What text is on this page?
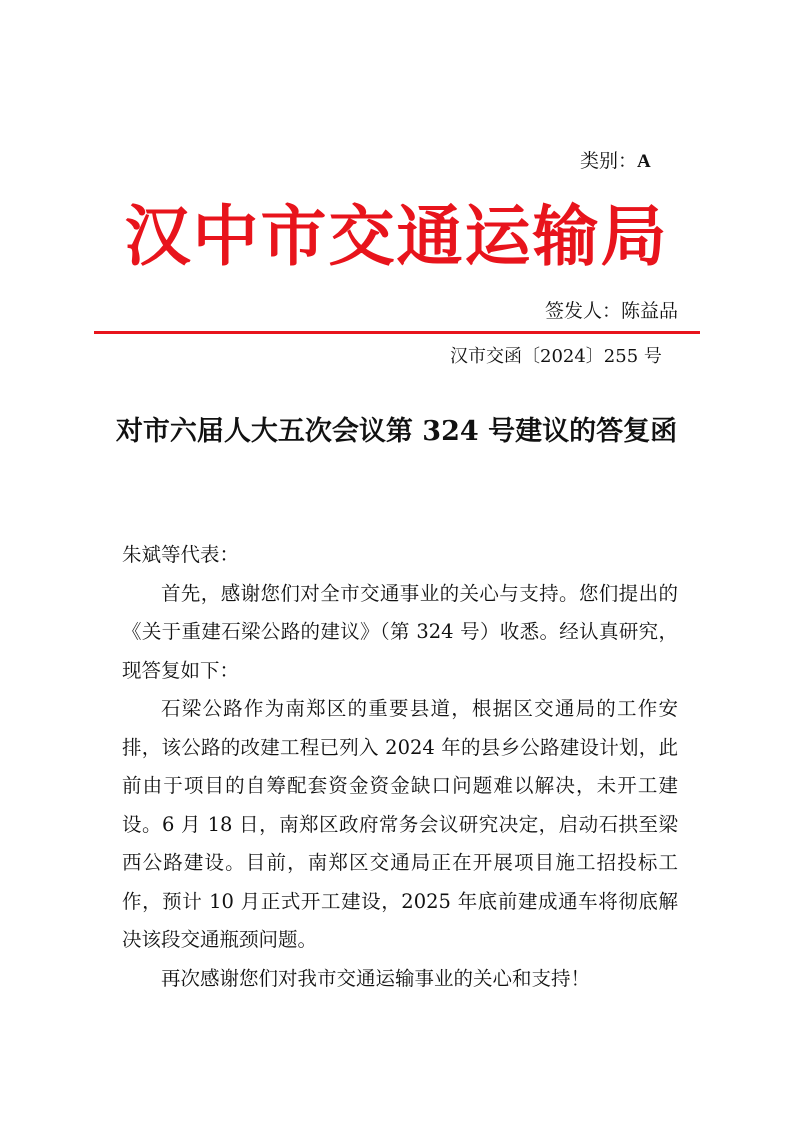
类别：A
汉中市交通运输局
签发人：陈益品
汉市交函〔2024〕255 号
对市六届人大五次会议第 324 号建议的答复函

朱斌等代表：

首先，感谢您们对全市交通事业的关心与支持。您们提出的《关于重建石梁公路的建议》（第 324 号）收悉。经认真研究，现答复如下：

石梁公路作为南郑区的重要县道，根据区交通局的工作安排，该公路的改建工程已列入 2024 年的县乡公路建设计划，此前由于项目的自筹配套资金资金缺口问题难以解决，未开工建设。6 月 18 日，南郑区政府常务会议研究决定，启动石拱至梁西公路建设。目前，南郑区交通局正在开展项目施工招投标工作，预计 10 月正式开工建设，2025 年底前建成通车将彻底解决该段交通瓶颈问题。

再次感谢您们对我市交通运输事业的关心和支持！
